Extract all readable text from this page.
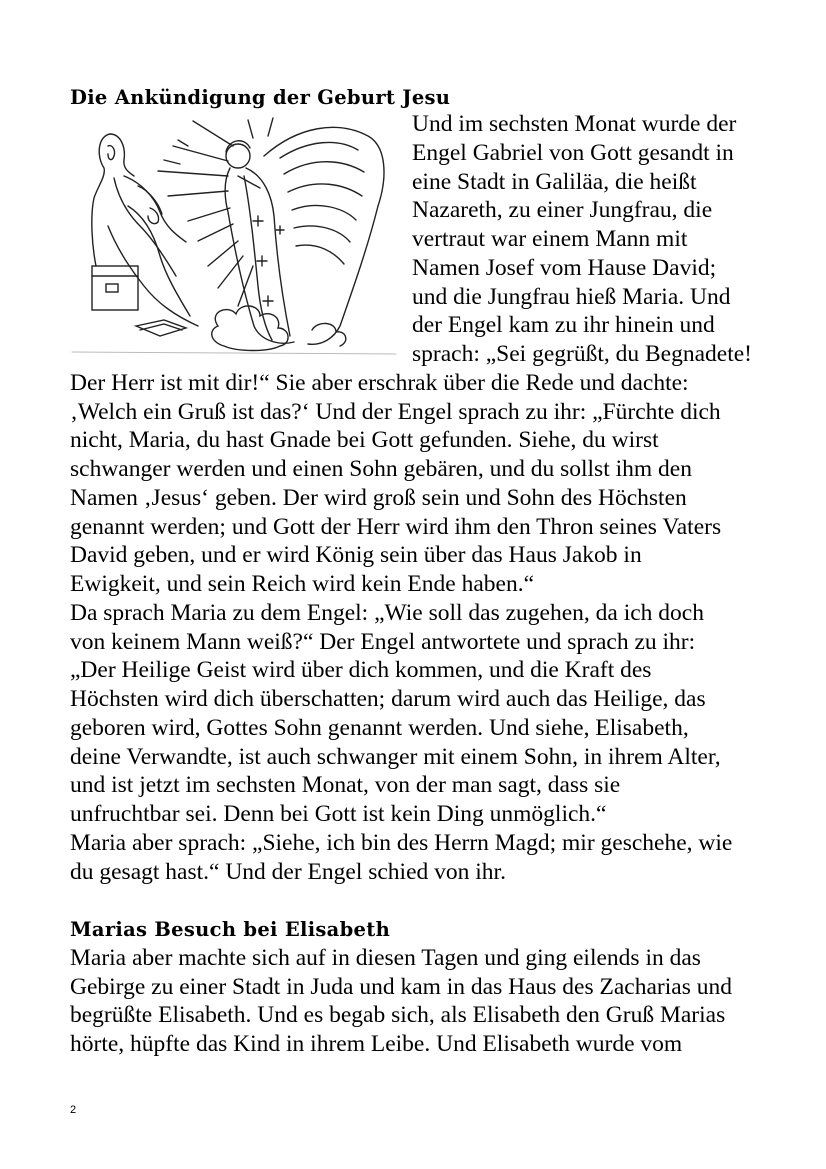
Die Ankündigung der Geburt Jesu
Und im sechsten Monat wurde der
Engel Gabriel von Gott gesandt in
eine Stadt in Galiläa, die heißt
Nazareth, zu einer Jungfrau, die
vertraut war einem Mann mit
Namen Josef vom Hause David;
und die Jungfrau hieß Maria. Und
der Engel kam zu ihr hinein und
sprach: „Sei gegrüßt, du Begnadete!
Der Herr ist mit dir!“ Sie aber erschrak über die Rede und dachte:
‚Welch ein Gruß ist das?‘ Und der Engel sprach zu ihr: „Fürchte dich
nicht, Maria, du hast Gnade bei Gott gefunden. Siehe, du wirst
schwanger werden und einen Sohn gebären, und du sollst ihm den
Namen ‚Jesus‘ geben. Der wird groß sein und Sohn des Höchsten
genannt werden; und Gott der Herr wird ihm den Thron seines Vaters
David geben, und er wird König sein über das Haus Jakob in
Ewigkeit, und sein Reich wird kein Ende haben.“
Da sprach Maria zu dem Engel: „Wie soll das zugehen, da ich doch
von keinem Mann weiß?“ Der Engel antwortete und sprach zu ihr:
„Der Heilige Geist wird über dich kommen, und die Kraft des
Höchsten wird dich überschatten; darum wird auch das Heilige, das
geboren wird, Gottes Sohn genannt werden. Und siehe, Elisabeth,
deine Verwandte, ist auch schwanger mit einem Sohn, in ihrem Alter,
und ist jetzt im sechsten Monat, von der man sagt, dass sie
unfruchtbar sei. Denn bei Gott ist kein Ding unmöglich.“
Maria aber sprach: „Siehe, ich bin des Herrn Magd; mir geschehe, wie
du gesagt hast.“ Und der Engel schied von ihr.
Marias Besuch bei Elisabeth
Maria aber machte sich auf in diesen Tagen und ging eilends in das
Gebirge zu einer Stadt in Juda und kam in das Haus des Zacharias und
begrüßte Elisabeth. Und es begab sich, als Elisabeth den Gruß Marias
hörte, hüpfte das Kind in ihrem Leibe. Und Elisabeth wurde vom
2
